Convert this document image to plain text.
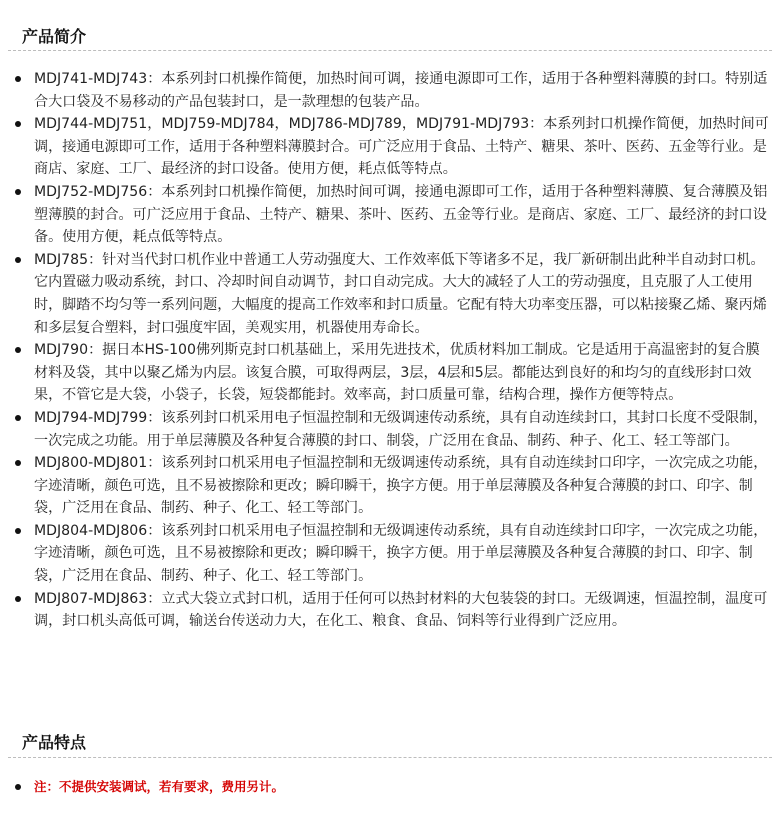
产品简介
MDJ741-MDJ743：本系列封口机操作简便，加热时间可调，接通电源即可工作，适用于各种塑料薄膜的封口。特别适合大口袋及不易移动的产品包装封口，是一款理想的包装产品。
MDJ744-MDJ751，MDJ759-MDJ784，MDJ786-MDJ789，MDJ791-MDJ793：本系列封口机操作简便，加热时间可调，接通电源即可工作，适用于各种塑料薄膜封合。可广泛应用于食品、土特产、糖果、茶叶、医药、五金等行业。是商店、家庭、工厂、最经济的封口设备。使用方便，耗点低等特点。
MDJ752-MDJ756：本系列封口机操作简便，加热时间可调，接通电源即可工作，适用于各种塑料薄膜、复合薄膜及铝塑薄膜的封合。可广泛应用于食品、土特产、糖果、茶叶、医药、五金等行业。是商店、家庭、工厂、最经济的封口设备。使用方便，耗点低等特点。
MDJ785：针对当代封口机作业中普通工人劳动强度大、工作效率低下等诸多不足，我厂新研制出此种半自动封口机。它内置磁力吸动系统，封口、冷却时间自动调节，封口自动完成。大大的减轻了人工的劳动强度，且克服了人工使用时，脚踏不均匀等一系列问题，大幅度的提高工作效率和封口质量。它配有特大功率变压器，可以粘接聚乙烯、聚丙烯和多层复合塑料，封口强度牢固，美观实用，机器使用寿命长。
MDJ790：据日本HS-100佛列斯克封口机基础上，采用先进技术，优质材料加工制成。它是适用于高温密封的复合膜材料及袋，其中以聚乙烯为内层。该复合膜，可取得两层，3层，4层和5层。都能达到良好的和均匀的直线形封口效果，不管它是大袋，小袋子，长袋，短袋都能封。效率高，封口质量可靠，结构合理，操作方便等特点。
MDJ794-MDJ799：该系列封口机采用电子恒温控制和无级调速传动系统，具有自动连续封口，其封口长度不受限制，一次完成之功能。用于单层薄膜及各种复合薄膜的封口、制袋，广泛用在食品、制药、种子、化工、轻工等部门。
MDJ800-MDJ801：该系列封口机采用电子恒温控制和无级调速传动系统，具有自动连续封口印字，一次完成之功能，字迹清晰，颜色可选，且不易被擦除和更改；瞬印瞬干，换字方便。用于单层薄膜及各种复合薄膜的封口、印字、制袋，广泛用在食品、制药、种子、化工、轻工等部门。
MDJ804-MDJ806：该系列封口机采用电子恒温控制和无级调速传动系统，具有自动连续封口印字，一次完成之功能，字迹清晰，颜色可选，且不易被擦除和更改；瞬印瞬干，换字方便。用于单层薄膜及各种复合薄膜的封口、印字、制袋，广泛用在食品、制药、种子、化工、轻工等部门。
MDJ807-MDJ863：立式大袋立式封口机，适用于任何可以热封材料的大包装袋的封口。无级调速，恒温控制，温度可调，封口机头高低可调，输送台传送动力大，在化工、粮食、食品、饲料等行业得到广泛应用。
产品特点
注：不提供安装调试，若有要求，费用另计。
